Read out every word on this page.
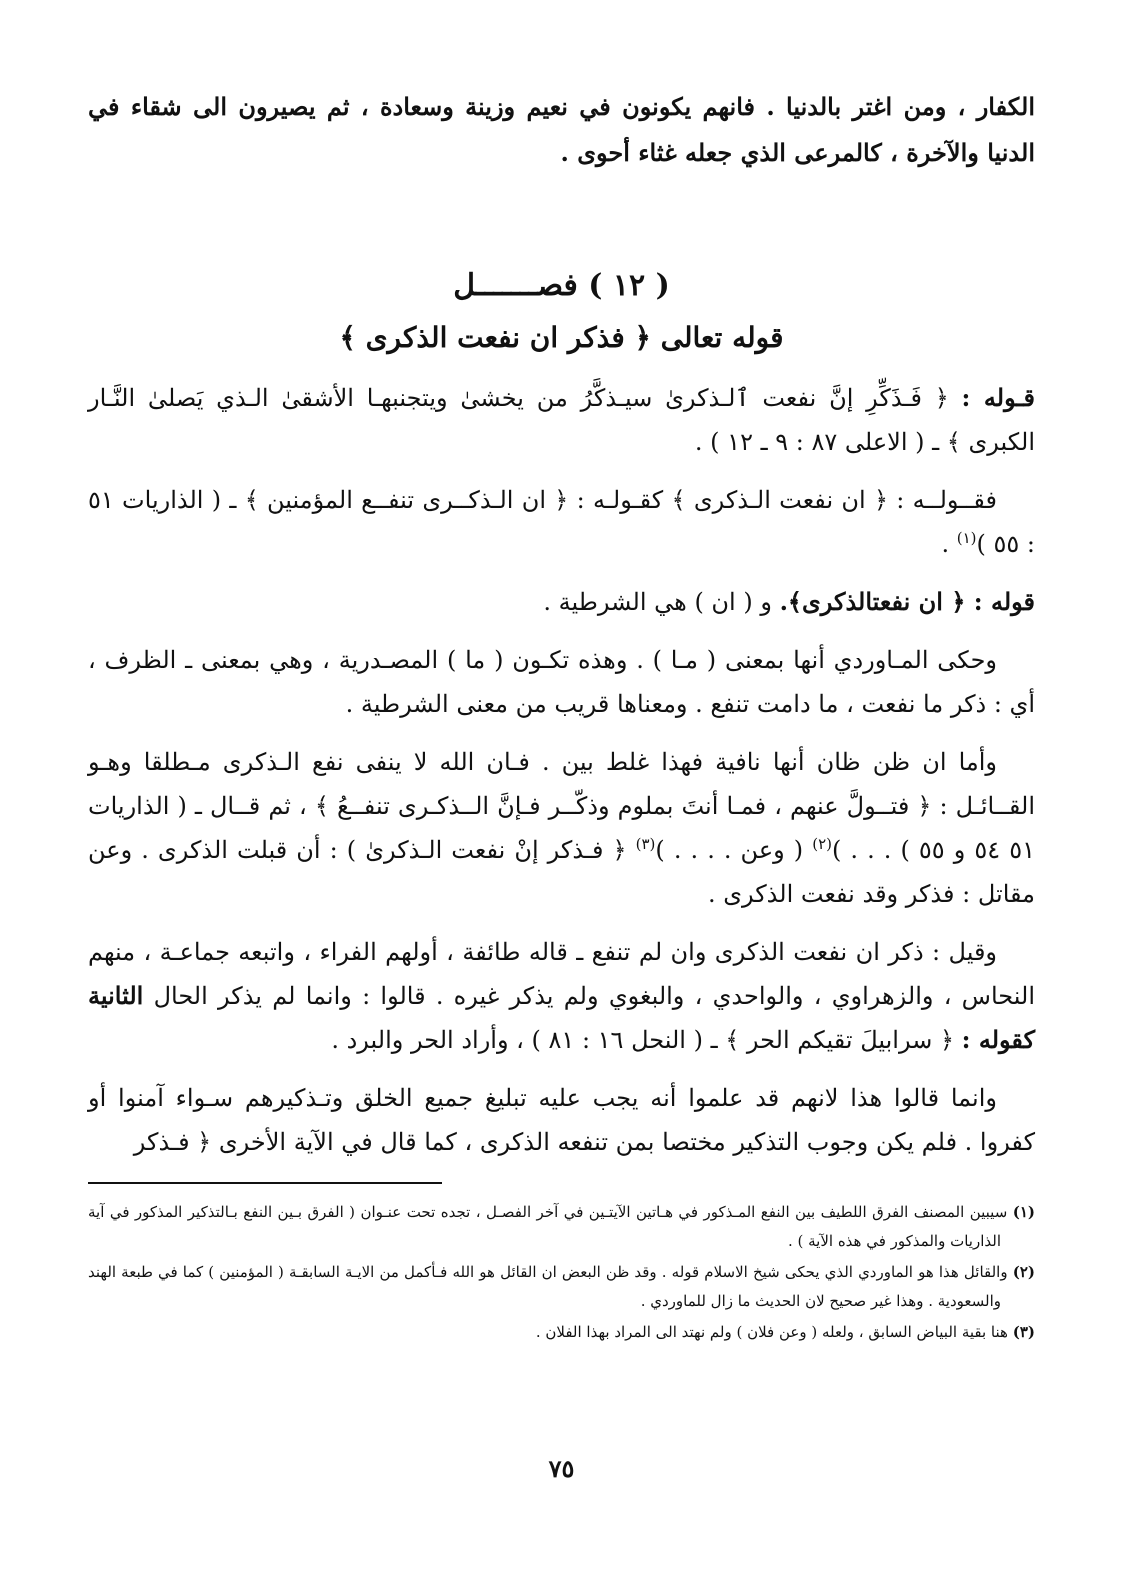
الكفار ، ومن اغتر بالدنيا . فانهم يكونون في نعيم وزينة وسعادة ، ثم يصيرون الى شقاء في الدنيا والآخرة ، كالمرعى الذي جعله غثاء أحوى .

( ١٢ ) فصـــــــل
قوله تعالى ﴿ فذكر ان نفعت الذكرى ﴾

قـوله : ﴿ فَـذَكِّرِ إنَّ نفعت ٱلـذكرىٰ سيـذكَّرُ من يخشىٰ ويتجنبهـا الأشقىٰ الـذي يَصلىٰ النَّـار الكبرى ﴾ ـ ( الاعلى ٨٧ : ٩ ـ ١٢ ) .

فقــولــه : ﴿ ان نفعت الـذكرى ﴾ كقـولـه : ﴿ ان الـذكــرى تنفــع المؤمنين ﴾ ـ ( الذاريات ٥١ : ٥٥ )$^{(١)}$ .

قوله : ﴿ ان نفعتالذكرى﴾. و ( ان ) هي الشرطية .

وحكى المـاوردي أنها بمعنى ( مـا ) . وهذه تكـون ( ما ) المصـدرية ، وهي بمعنى ـ الظرف ، أي : ذكر ما نفعت ، ما دامت تنفع . ومعناها قريب من معنى الشرطية .

وأما ان ظن ظان أنها نافية فهذا غلط بين . فـان الله لا ينفى نفع الـذكرى مـطلقا وهـو القــائـل : ﴿ فتــولَّ عنهم ، فمـا أنتَ بملوم وذكّــر فـإنَّ الــذكـرى تنفــعُ ﴾ ، ثم قــال ـ ( الذاريات ٥١ ٥٤ و ٥٥ ) . . . )$^{(٢)}$ ( وعن . . . . )$^{(٣)}$ ﴿ فـذكر إنْ نفعت الـذكرىٰ ) : أن قبلت الذكرى . وعن مقاتل : فذكر وقد نفعت الذكرى .

وقيل : ذكر ان نفعت الذكرى وان لم تنفع ـ قاله طائفة ، أولهم الفراء ، واتبعه جماعـة ، منهم النحاس ، والزهراوي ، والواحدي ، والبغوي ولم يذكر غيره . قالوا : وانما لم يذكر الحال الثانية كقوله : ﴿ سرابيلَ تقيكم الحر ﴾ ـ ( النحل ١٦ : ٨١ ) ، وأراد الحر والبرد .

وانما قالوا هذا لانهم قد علموا أنه يجب عليه تبليغ جميع الخلق وتـذكيرهم سـواء آمنوا أو كفروا . فلم يكن وجوب التذكير مختصا بمن تنفعه الذكرى ، كما قال في الآية الأخرى ﴿ فـذكر

(١) سيبين المصنف الفرق اللطيف بين النفع المـذكور في هـاتين الآيتـين في آخر الفصـل ، تجده تحت عنـوان ( الفرق بـين النفع بـالتذكير المذكور في آية الذاريات والمذكور في هذه الآية ) .

(٢) والقائل هذا هو الماوردي الذي يحكى شيخ الاسلام قوله . وقد ظن البعض ان القائل هو الله فـأكمل من الايـة السابقـة ( المؤمنين ) كما في طبعة الهند والسعودية . وهذا غير صحيح لان الحديث ما زال للماوردي .

(٣) هنا بقية البياض السابق ، ولعله ( وعن فلان ) ولم نهتد الى المراد بهذا الفلان .

٧٥
